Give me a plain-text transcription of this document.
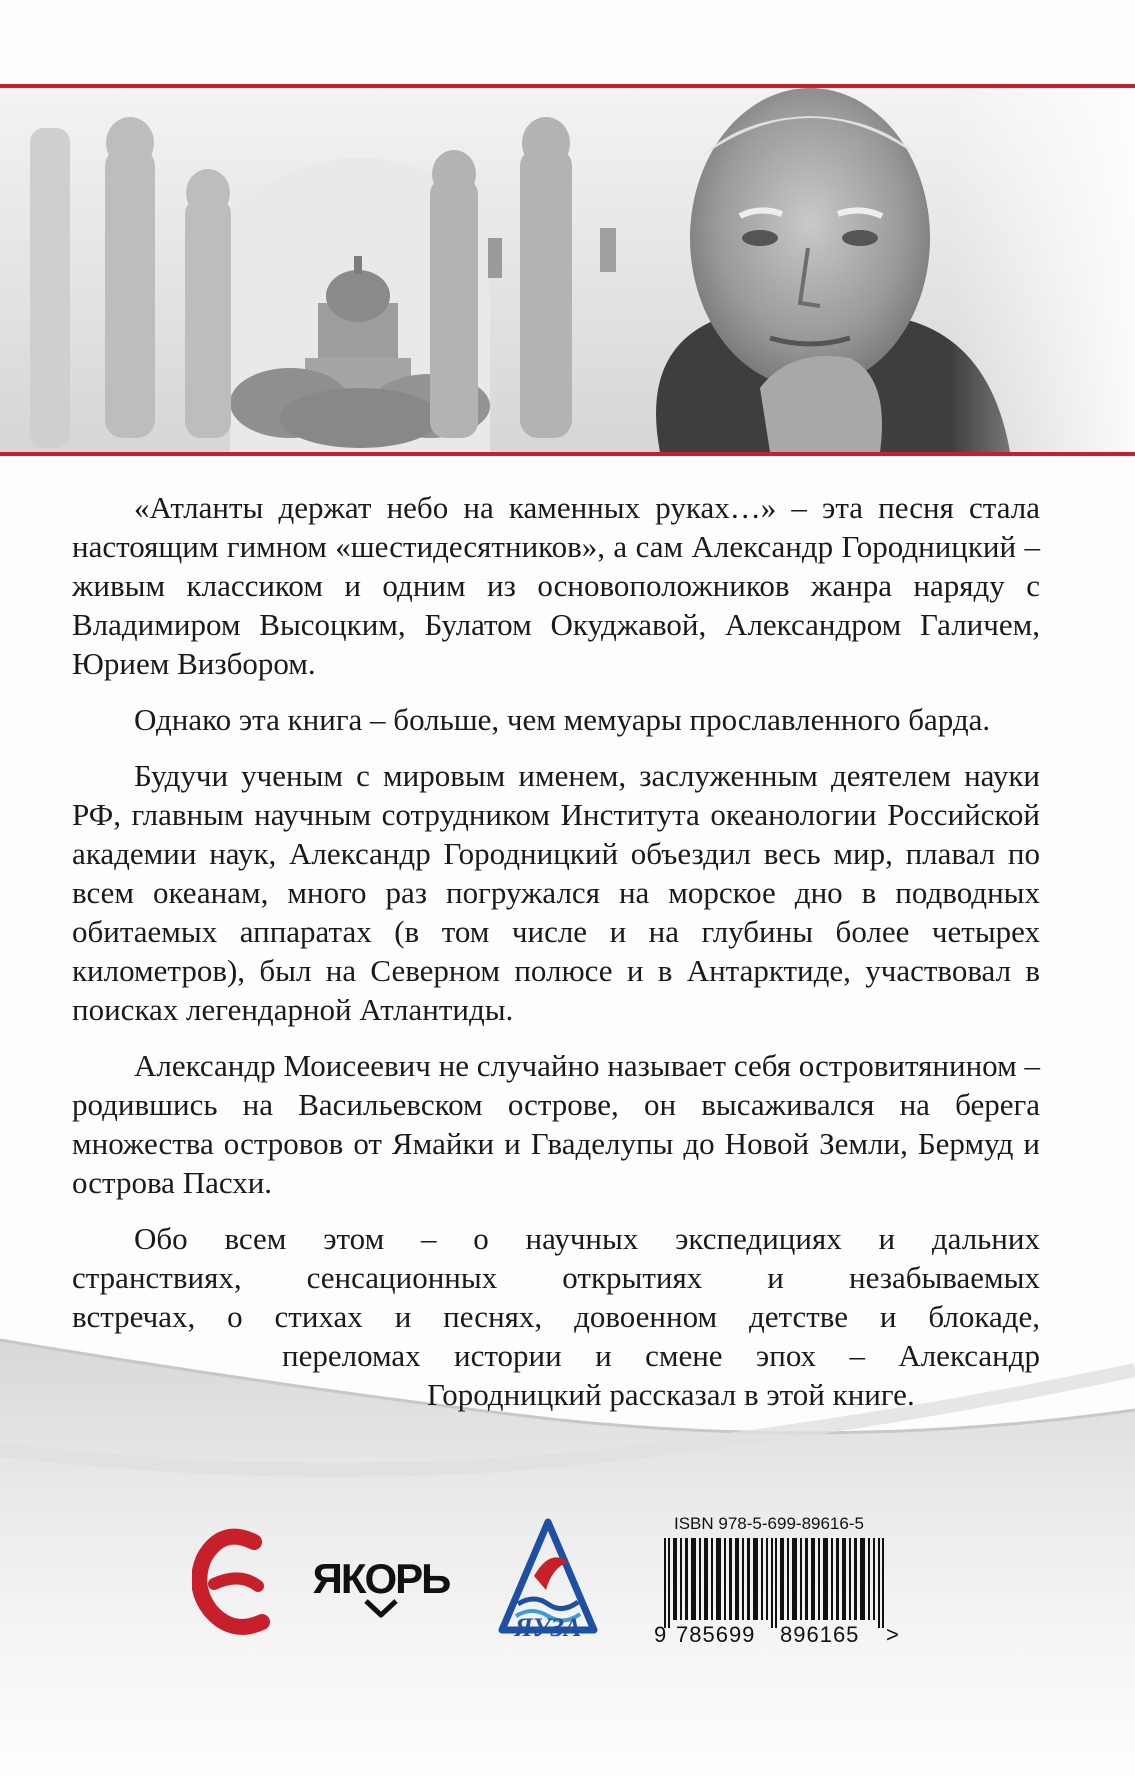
«Атланты держат небо на каменных руках…» – эта песня стала настоящим гимном «шестидесятников», а сам Александр Городницкий – живым классиком и одним из основоположников жанра наряду с Владимиром Высоцким, Булатом Окуджавой, Александром Галичем, Юрием Визбором.

Однако эта книга – больше, чем мемуары прославленного барда.

Будучи ученым с мировым именем, заслуженным деятелем науки РФ, главным научным сотрудником Института океанологии Российской академии наук, Александр Городницкий объездил весь мир, плавал по всем океанам, много раз погружался на морское дно в подводных обитаемых аппаратах (в том числе и на глубины более четырех километров), был на Северном полюсе и в Антарктиде, участвовал в поисках легендарной Атлантиды.

Александр Моисеевич не случайно называет себя островитянином – родившись на Васильевском острове, он высаживался на берега множества островов от Ямайки и Гваделупы до Новой Земли, Бермуд и острова Пасхи.

Обо всем этом – о научных экспедициях и дальних
странствиях, сенсационных открытиях и незабываемых
встречах, о стихах и песнях, довоенном детстве и блокаде,
переломах истории и смене эпох – Александр
Городницкий рассказал в этой книге.

ЯКОРЬ
ЯУЗА
ISBN 978-5-699-89616-5
9 785699 896165 >
